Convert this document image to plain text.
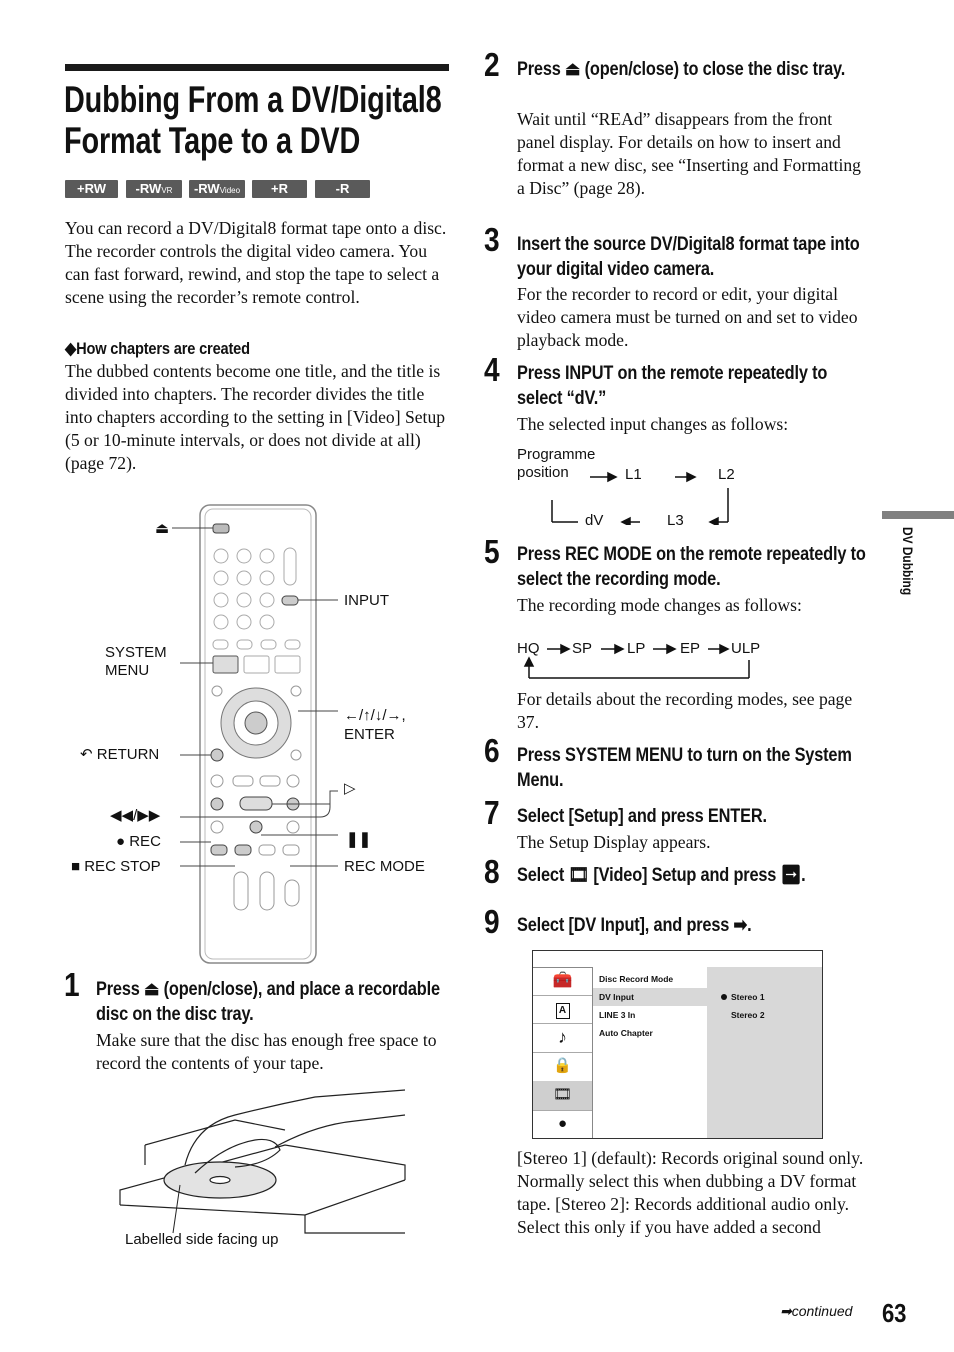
Dubbing From a DV/Digital8
Format Tape to a DVD
+RW	-RWVR	-RWVideo	+R	-R
You can record a DV/Digital8 format tape onto a disc. The recorder controls the digital video camera. You can fast forward, rewind, and stop the tape to select a scene using the recorder’s remote control.
◆How chapters are created
The dubbed contents become one title, and the title is divided into chapters. The recorder divides the title into chapters according to the setting in [Video] Setup (5 or 10-minute intervals, or does not divide at all) (page 72).
⏏
INPUT
SYSTEM
MENU
←/↑/↓/→,
ENTER
↶ RETURN
▷
◀◀/▶▶
● REC	❚❚
■ REC STOP	REC MODE
1 Press ⏏ (open/close), and place a recordable disc on the disc tray.
Make sure that the disc has enough free space to record the contents of your tape.
Labelled side facing up
2 Press ⏏ (open/close) to close the disc tray.
Wait until “REAd” disappears from the front panel display. For details on how to insert and format a new disc, see “Inserting and Formatting a Disc” (page 28).
3 Insert the source DV/Digital8 format tape into your digital video camera.
For the recorder to record or edit, your digital video camera must be turned on and set to video playback mode.
4 Press INPUT on the remote repeatedly to select “dV.”
The selected input changes as follows:
Programme
position	L1	L2
dV	L3
5 Press REC MODE on the remote repeatedly to select the recording mode.
The recording mode changes as follows:
HQ SP LP EP ULP
For details about the recording modes, see page 37.
6 Press SYSTEM MENU to turn on the System Menu.
7 Select [Setup] and press ENTER.
The Setup Display appears.
8 Select 🎞 [Video] Setup and press ➡.
9 Select [DV Input], and press ➡.
🧰
A
♪
🔒
🎞
●
Disc Record Mode
DV Input
LINE 3 In
Auto Chapter
Stereo 1
Stereo 2
[Stereo 1] (default): Records original sound only. Normally select this when dubbing a DV format tape. [Stereo 2]: Records additional audio only. Select this only if you have added a second
DV Dubbing
➡continued 63
